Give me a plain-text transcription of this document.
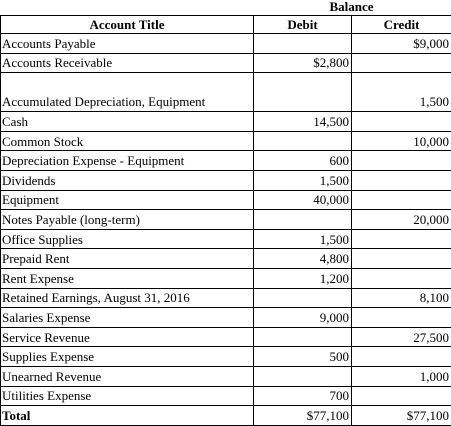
Balance
Account Title	Debit	Credit
Accounts Payable		$9,000
Accounts Receivable	$2,800	
Accumulated Depreciation, Equipment		1,500
Cash	14,500	
Common Stock		10,000
Depreciation Expense - Equipment	600	
Dividends	1,500	
Equipment	40,000	
Notes Payable (long-term)		20,000
Office Supplies	1,500	
Prepaid Rent	4,800	
Rent Expense	1,200	
Retained Earnings, August 31, 2016		8,100
Salaries Expense	9,000	
Service Revenue		27,500
Supplies Expense	500	
Unearned Revenue		1,000
Utilities Expense	700	
Total	$77,100	$77,100
